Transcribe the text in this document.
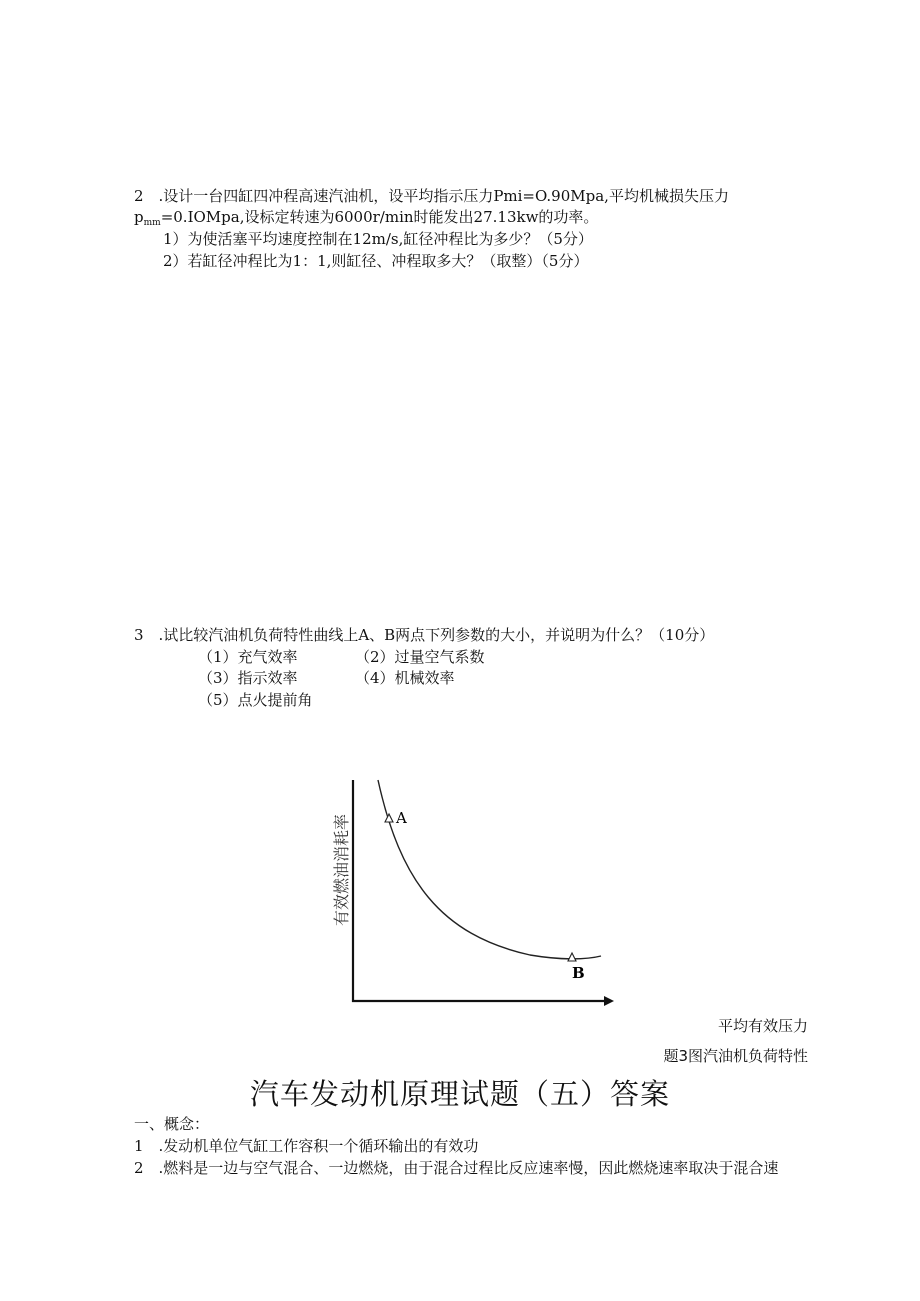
2　.设计一台四缸四冲程高速汽油机，设平均指示压力Pmi=O.90Mpa,平均机械损失压力
$p_{mm}=0.IOMpa$,设标定转速为6000r∕min时能发出27.13kw的功率。
1）为使活塞平均速度控制在12m∕s,缸径冲程比为多少？（5分）
2）若缸径冲程比为1：1,则缸径、冲程取多大？（取整）（5分）
3　.试比较汽油机负荷特性曲线上A、B两点下列参数的大小，并说明为什么？（10分）
（1）充气效率	（2）过量空气系数
（3）指示效率	（4）机械效率
（5）点火提前角
A
B
有效燃油消耗率
平均有效压力
题3图汽油机负荷特性
汽车发动机原理试题（五）答案
一、概念：
1　.发动机单位气缸工作容积一个循环输出的有效功
2　.燃料是一边与空气混合、一边燃烧，由于混合过程比反应速率慢，因此燃烧速率取决于混合速
